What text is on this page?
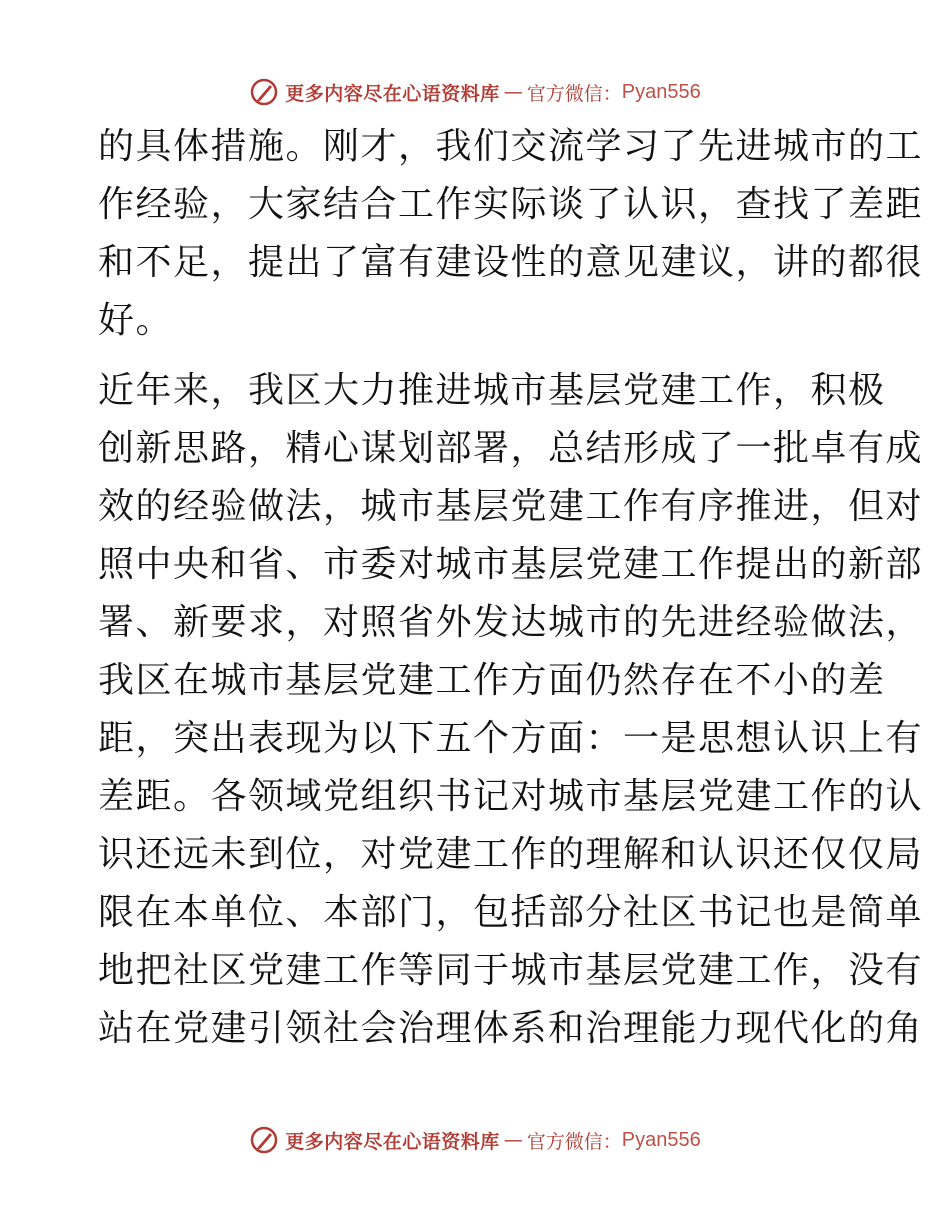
更多内容尽在心语资料库 — 官方微信： Pyan556

的具体措施。刚才，我们交流学习了先进城市的工
作经验，大家结合工作实际谈了认识，查找了差距
和不足，提出了富有建设性的意见建议，讲的都很
好。

近年来，我区大力推进城市基层党建工作，积极
创新思路，精心谋划部署，总结形成了一批卓有成
效的经验做法，城市基层党建工作有序推进，但对
照中央和省、市委对城市基层党建工作提出的新部
署、新要求，对照省外发达城市的先进经验做法，
我区在城市基层党建工作方面仍然存在不小的差
距，突出表现为以下五个方面：一是思想认识上有
差距。各领域党组织书记对城市基层党建工作的认
识还远未到位，对党建工作的理解和认识还仅仅局
限在本单位、本部门，包括部分社区书记也是简单
地把社区党建工作等同于城市基层党建工作，没有
站在党建引领社会治理体系和治理能力现代化的角

更多内容尽在心语资料库 — 官方微信： Pyan556
